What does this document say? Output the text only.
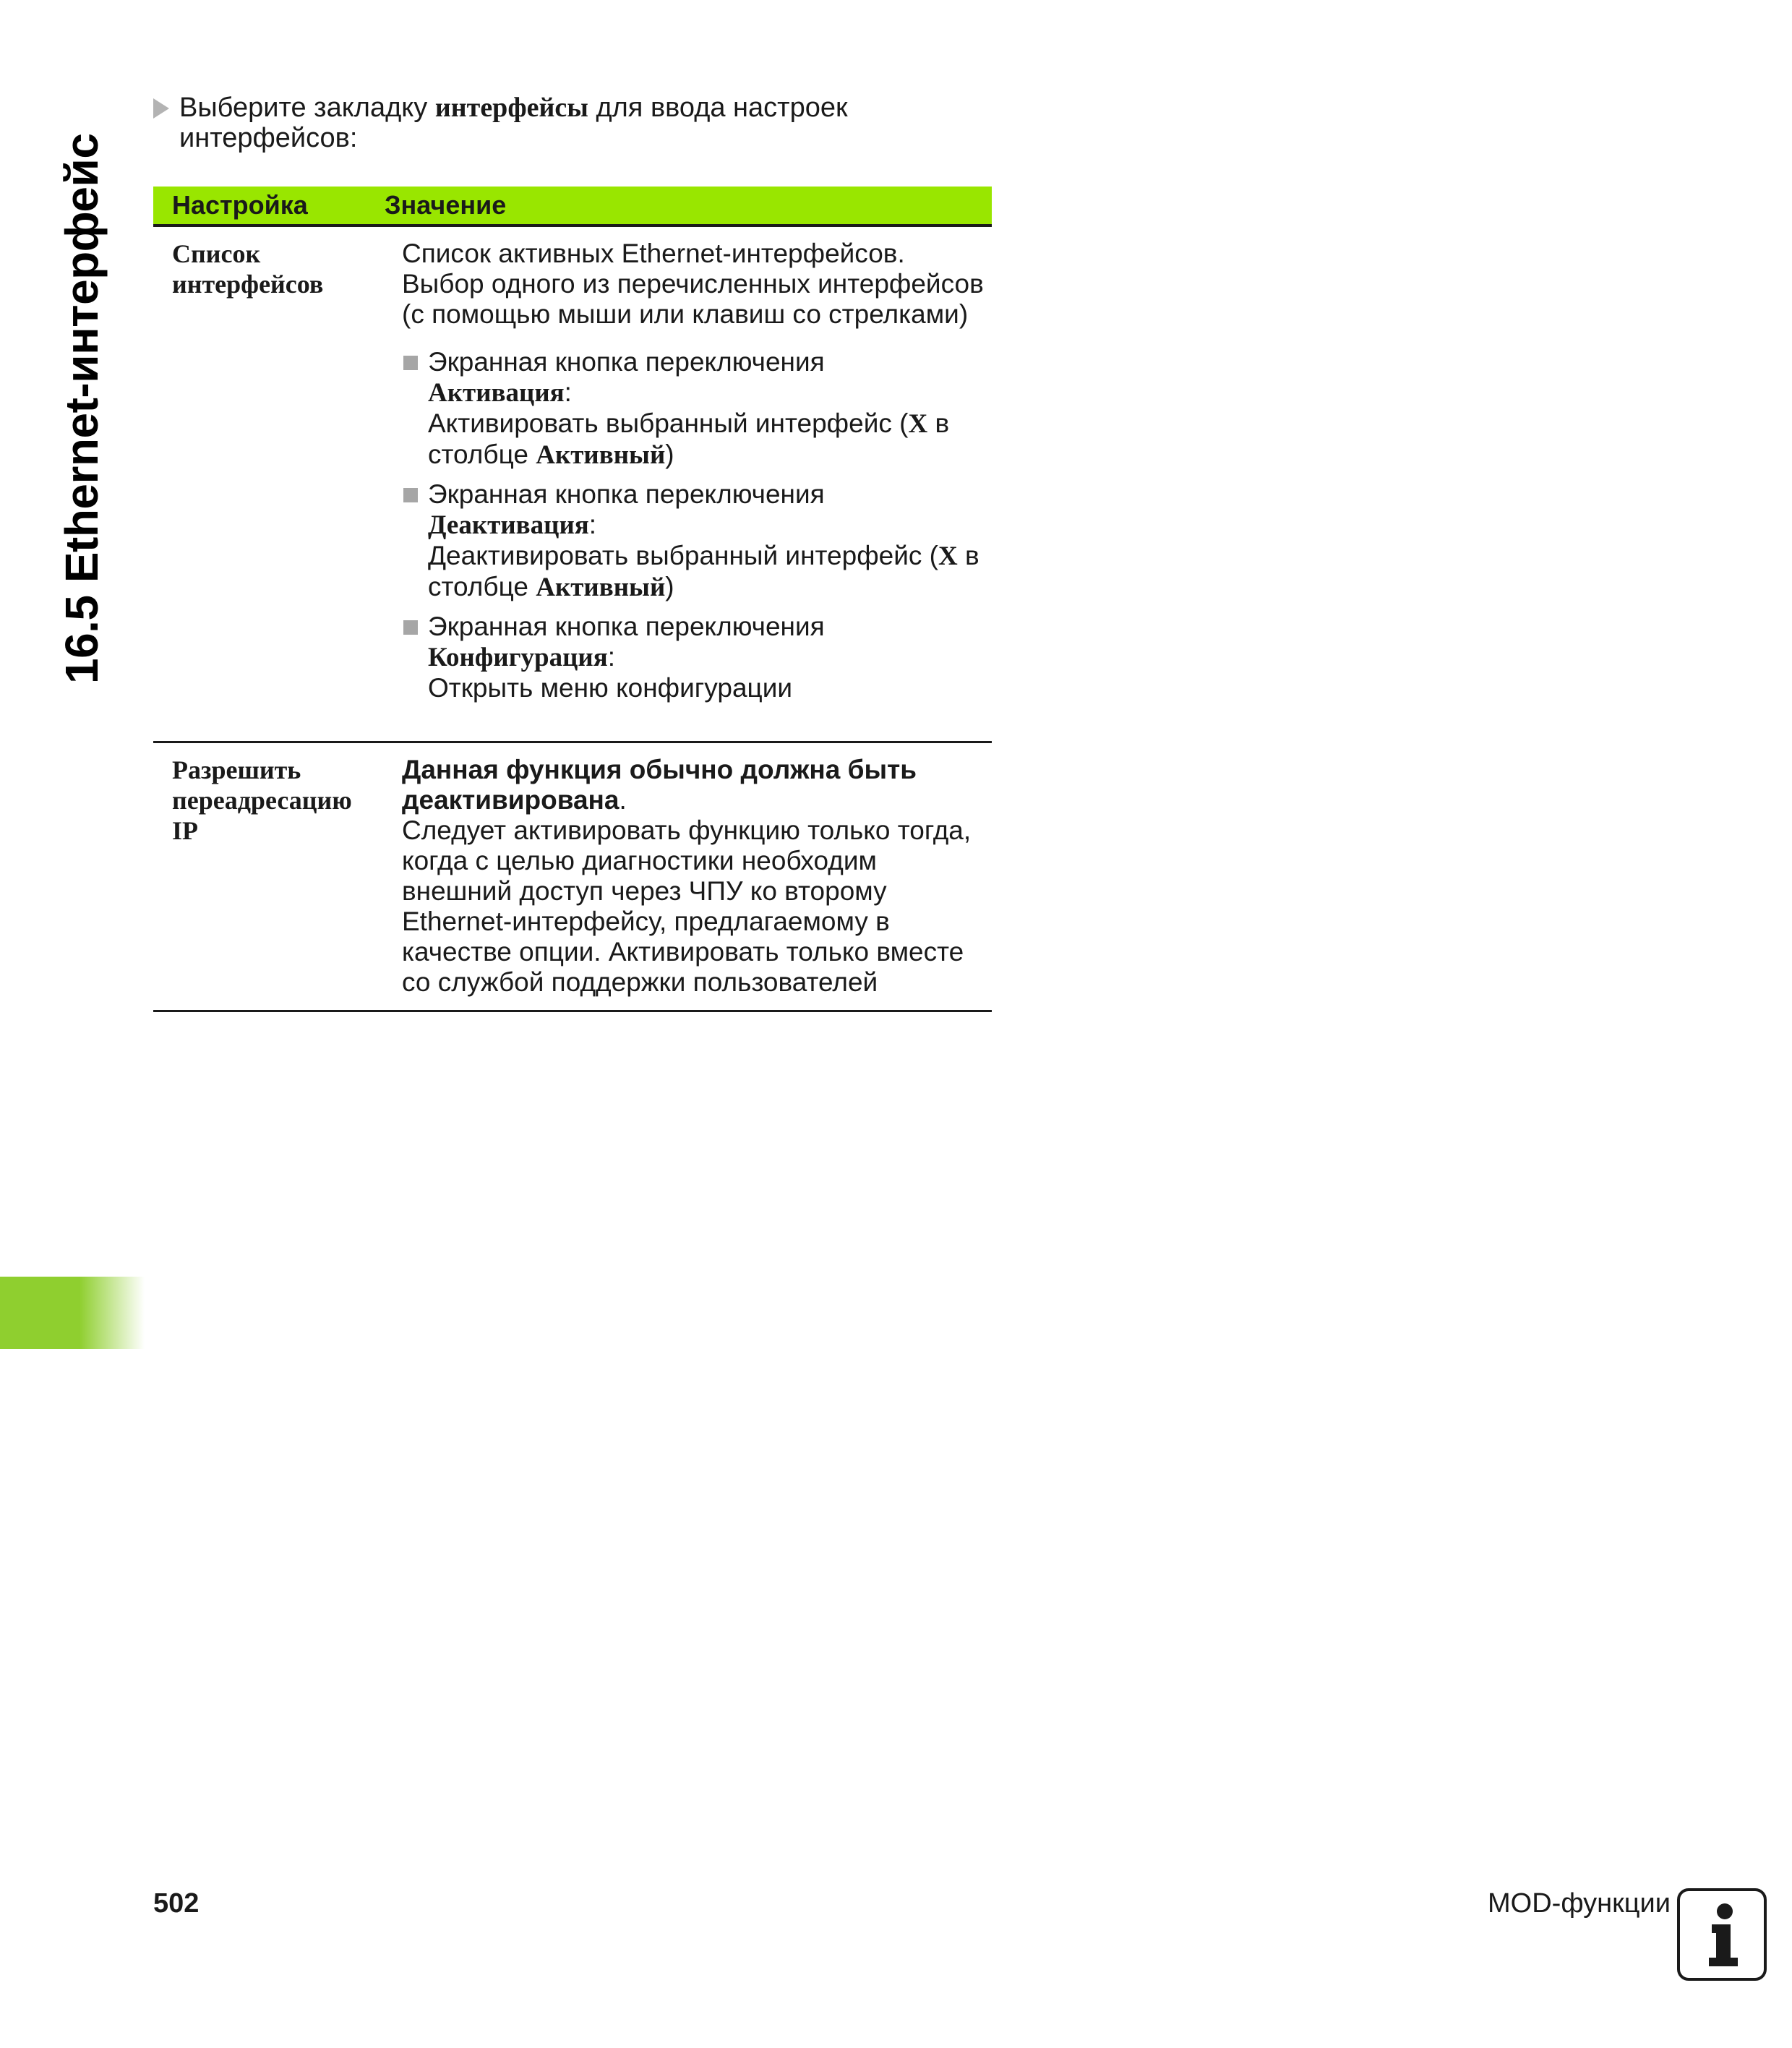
16.5 Ethernet-интерфейс
Выберите закладку интерфейсы для ввода настроек интерфейсов:
Настройка	Значение
Список интерфейсов
Список активных Ethernet-интерфейсов. Выбор одного из перечисленных интерфейсов (с помощью мыши или клавиш со стрелками)
Экранная кнопка переключения
Активация:
Активировать выбранный интерфейс (X в столбце Активный)
Экранная кнопка переключения
Деактивация:
Деактивировать выбранный интерфейс (X в столбце Активный)
Экранная кнопка переключения
Конфигурация:
Открыть меню конфигурации
Разрешить переадресацию IP
Данная функция обычно должна быть деактивирована.
Следует активировать функцию только тогда, когда с целью диагностики необходим внешний доступ через ЧПУ ко второму Ethernet-интерфейсу, предлагаемому в качестве опции. Активировать только вместе со службой поддержки пользователей
502	MOD-функции
